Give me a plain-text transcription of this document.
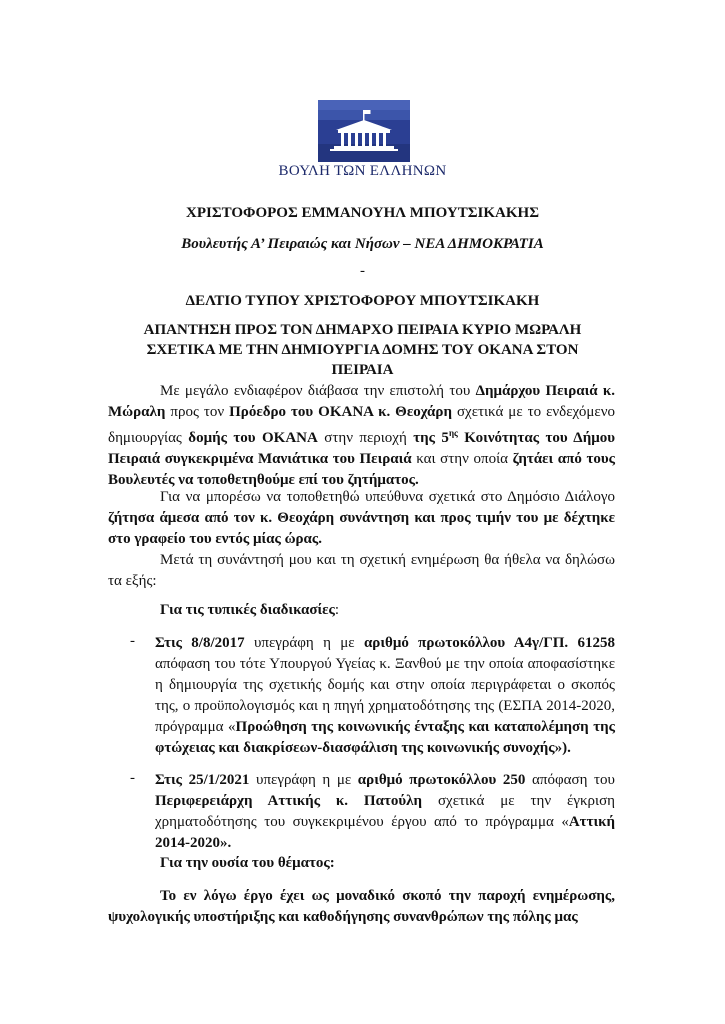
ΒΟΥΛΗ ΤΩΝ ΕΛΛΗΝΩΝ
ΧΡΙΣΤΟΦΟΡΟΣ ΕΜΜΑΝΟΥΗΛ ΜΠΟΥΤΣΙΚΑΚΗΣ
Βουλευτής Α’ Πειραιώς και Νήσων – ΝΕΑ ΔΗΜΟΚΡΑΤΙΑ
-
ΔΕΛΤΙΟ ΤΥΠΟΥ ΧΡΙΣΤΟΦΟΡΟΥ ΜΠΟΥΤΣΙΚΑΚΗ
ΑΠΑΝΤΗΣΗ ΠΡΟΣ ΤΟΝ ΔΗΜΑΡΧΟ ΠΕΙΡΑΙΑ ΚΥΡΙΟ ΜΩΡΑΛΗ ΣΧΕΤΙΚΑ ΜΕ ΤΗΝ ΔΗΜΙΟΥΡΓΙΑ ΔΟΜΗΣ ΤΟΥ ΟΚΑΝΑ ΣΤΟΝ ΠΕΙΡΑΙΑ

Με μεγάλο ενδιαφέρον διάβασα την επιστολή του Δημάρχου Πειραιά κ. Μώραλη προς τον Πρόεδρο του ΟΚΑΝΑ κ. Θεοχάρη σχετικά με το ενδεχόμενο δημιουργίας δομής του ΟΚΑΝΑ στην περιοχή της $5^{\eta\varsigma}$ Κοινότητας του Δήμου Πειραιά συγκεκριμένα Μανιάτικα του Πειραιά και στην οποία ζητάει από τους Βουλευτές να τοποθετηθούμε επί του ζητήματος.

Για να μπορέσω να τοποθετηθώ υπεύθυνα σχετικά στο Δημόσιο Διάλογο ζήτησα άμεσα από τον κ. Θεοχάρη συνάντηση και προς τιμήν του με δέχτηκε στο γραφείο του εντός μίας ώρας.

Μετά τη συνάντησή μου και τη σχετική ενημέρωση θα ήθελα να δηλώσω τα εξής:

Για τις τυπικές διαδικασίες:
- Στις 8/8/2017 υπεγράφη η με αριθμό πρωτοκόλλου Α4γ/ΓΠ. 61258 απόφαση του τότε Υπουργού Υγείας κ. Ξανθού με την οποία αποφασίστηκε η δημιουργία της σχετικής δομής και στην οποία περιγράφεται ο σκοπός της, ο προϋπολογισμός και η πηγή χρηματοδότησης της (ΕΣΠΑ 2014-2020, πρόγραμμα «Προώθηση της κοινωνικής ένταξης και καταπολέμηση της φτώχειας και διακρίσεων-διασφάλιση της κοινωνικής συνοχής»).
- Στις 25/1/2021 υπεγράφη η με αριθμό πρωτοκόλλου 250 απόφαση του Περιφερειάρχη Αττικής κ. Πατούλη σχετικά με την έγκριση χρηματοδότησης του συγκεκριμένου έργου από το πρόγραμμα «Αττική 2014-2020».
Για την ουσία του θέματος:

Το εν λόγω έργο έχει ως μοναδικό σκοπό την παροχή ενημέρωσης, ψυχολογικής υποστήριξης και καθοδήγησης συνανθρώπων της πόλης μας
